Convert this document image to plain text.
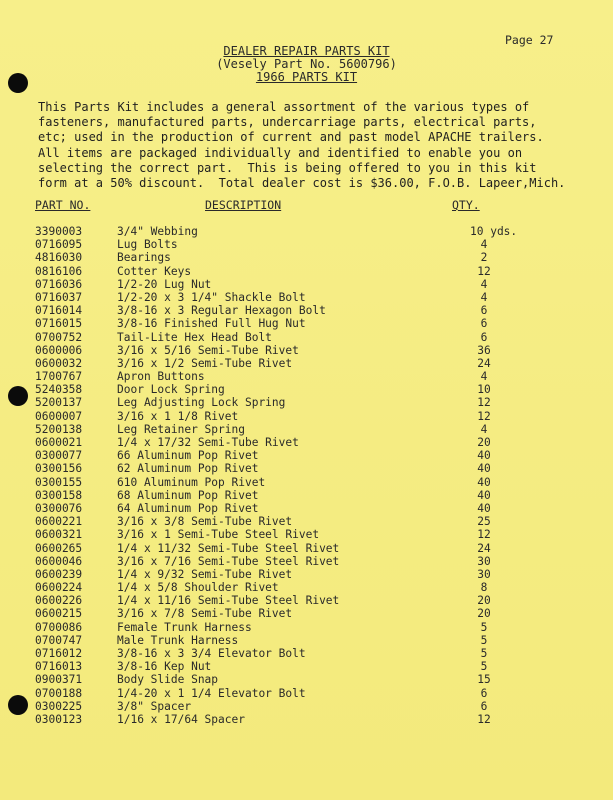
Page 27
DEALER REPAIR PARTS KIT
(Vesely Part No. 5600796)
1966 PARTS KIT
This Parts Kit includes a general assortment of the various types of
fasteners, manufactured parts, undercarriage parts, electrical parts,
etc; used in the production of current and past model APACHE trailers.
All items are packaged individually and identified to enable you on
selecting the correct part.  This is being offered to you in this kit
form at a 50% discount.  Total dealer cost is $36.00, F.O.B. Lapeer,Mich.
PART NO.	DESCRIPTION	QTY.
3390003	3/4" Webbing	10 yds.
0716095	Lug Bolts	4
4816030	Bearings	2
0816106	Cotter Keys	12
0716036	1/2-20 Lug Nut	4
0716037	1/2-20 x 3 1/4" Shackle Bolt	4
0716014	3/8-16 x 3 Regular Hexagon Bolt	6
0716015	3/8-16 Finished Full Hug Nut	6
0700752	Tail-Lite Hex Head Bolt	6
0600006	3/16 x 5/16 Semi-Tube Rivet	36
0600032	3/16 x 1/2 Semi-Tube Rivet	24
1700767	Apron Buttons	4
5240358	Door Lock Spring	10
5200137	Leg Adjusting Lock Spring	12
0600007	3/16 x 1 1/8 Rivet	12
5200138	Leg Retainer Spring	4
0600021	1/4 x 17/32 Semi-Tube Rivet	20
0300077	66 Aluminum Pop Rivet	40
0300156	62 Aluminum Pop Rivet	40
0300155	610 Aluminum Pop Rivet	40
0300158	68 Aluminum Pop Rivet	40
0300076	64 Aluminum Pop Rivet	40
0600221	3/16 x 3/8 Semi-Tube Rivet	25
0600321	3/16 x 1 Semi-Tube Steel Rivet	12
0600265	1/4 x 11/32 Semi-Tube Steel Rivet	24
0600046	3/16 x 7/16 Semi-Tube Steel Rivet	30
0600239	1/4 x 9/32 Semi-Tube Rivet	30
0600224	1/4 x 5/8 Shoulder Rivet	8
0600226	1/4 x 11/16 Semi-Tube Steel Rivet	20
0600215	3/16 x 7/8 Semi-Tube Rivet	20
0700086	Female Trunk Harness	5
0700747	Male Trunk Harness	5
0716012	3/8-16 x 3 3/4 Elevator Bolt	5
0716013	3/8-16 Kep Nut	5
0900371	Body Slide Snap	15
0700188	1/4-20 x 1 1/4 Elevator Bolt	6
0300225	3/8" Spacer	6
0300123	1/16 x 17/64 Spacer	12
